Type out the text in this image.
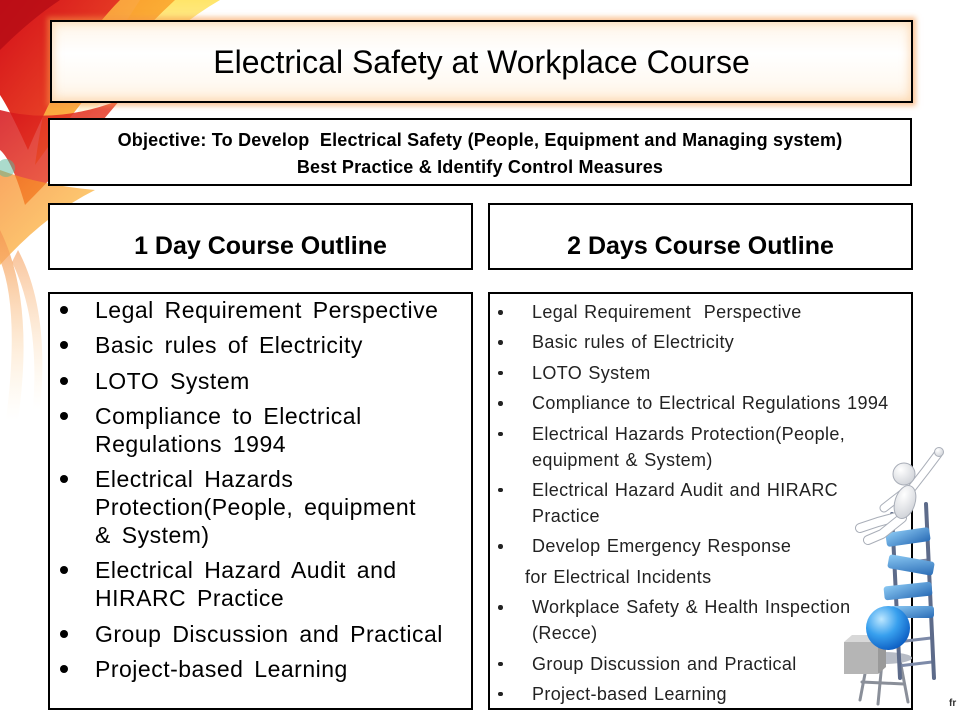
Electrical Safety at Workplace Course
Objective: To Develop  Electrical Safety (People, Equipment and Managing system)
Best Practice & Identify Control Measures
1 Day Course Outline	2 Days Course Outline
Legal Requirement Perspective
Basic rules of Electricity
LOTO System
Compliance to Electrical
Regulations 1994
Electrical Hazards
Protection(People, equipment
& System)
Electrical Hazard Audit and
HIRARC Practice
Group Discussion and Practical
Project-based Learning
Legal Requirement  Perspective
Basic rules of Electricity
LOTO System
Compliance to Electrical Regulations 1994
Electrical Hazards Protection(People,
equipment & System)
Electrical Hazard Audit and HIRARC
Practice
Develop Emergency Response
for Electrical Incidents
Workplace Safety & Health Inspection
(Recce)
Group Discussion and Practical
Project-based Learning	fr
